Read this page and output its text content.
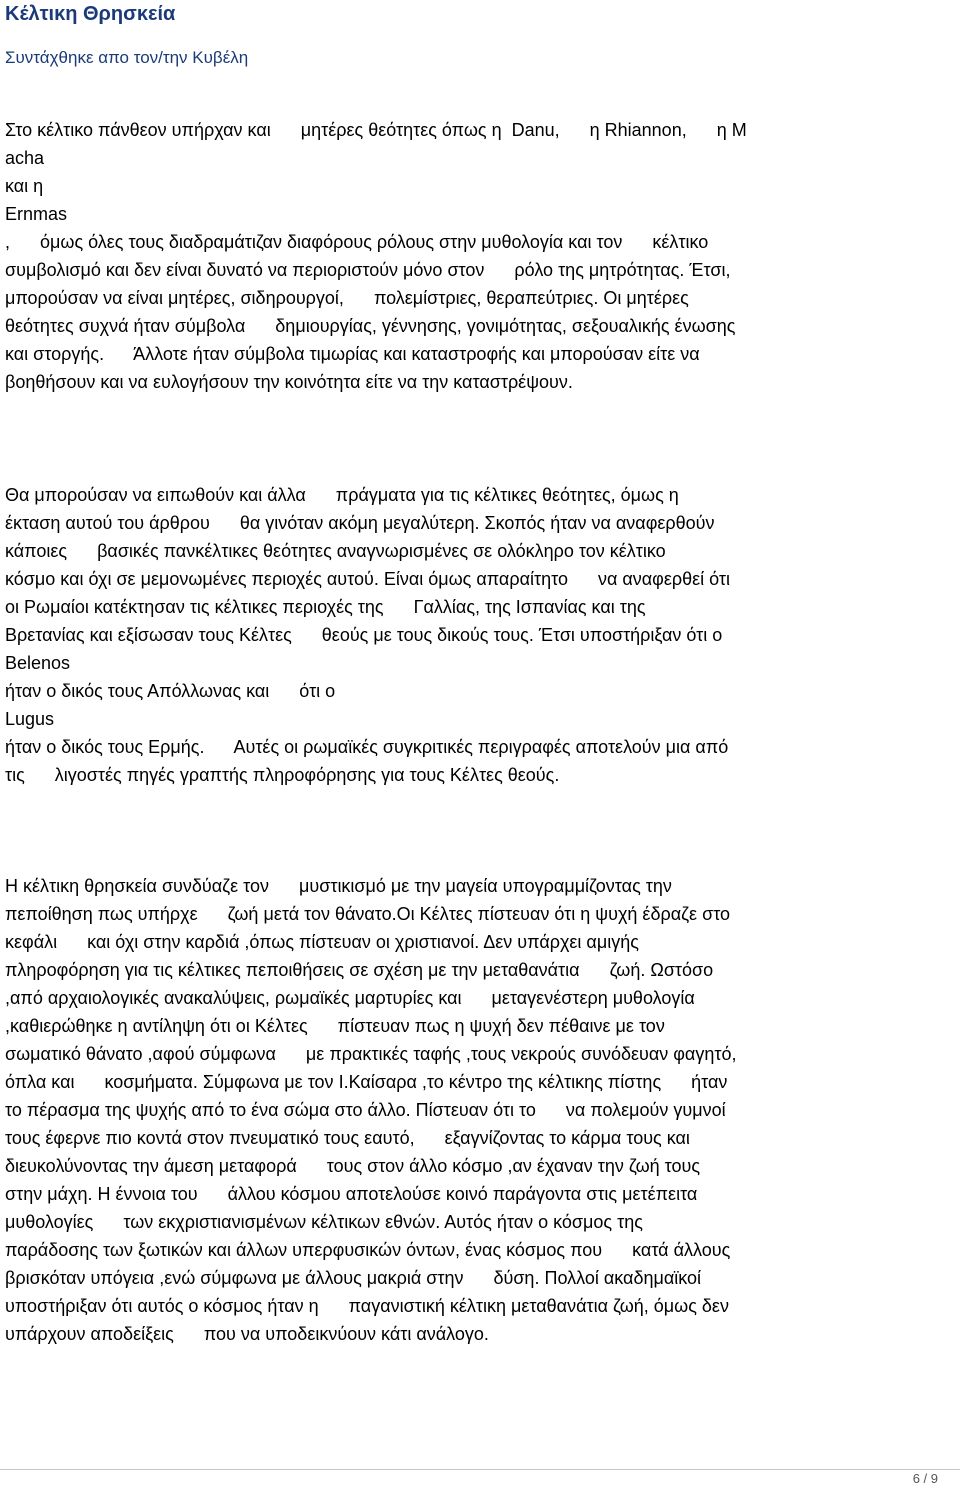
Κέλτικη Θρησκεία
Συντάχθηκε απο τον/την Κυβέλη
Στο κέλτικο πάνθεον υπήρχαν και      μητέρες θεότητες όπως η  Danu,      η Rhiannon,      η M
acha
και η
Ernmas
,      όμως όλες τους διαδραμάτιζαν διαφόρους ρόλους στην μυθολογία και τον      κέλτικο
συμβολισμό και δεν είναι δυνατό να περιοριστούν μόνο στον      ρόλο της μητρότητας. Έτσι,
μπορούσαν να είναι μητέρες, σιδηρουργοί,      πολεμίστριες, θεραπεύτριες. Οι μητέρες
θεότητες συχνά ήταν σύμβολα      δημιουργίας, γέννησης, γονιμότητας, σεξουαλικής ένωσης
και στοργής.      Άλλοτε ήταν σύμβολα τιμωρίας και καταστροφής και μπορούσαν είτε να
βοηθήσουν και να ευλογήσουν την κοινότητα είτε να την καταστρέψουν.
Θα μπορούσαν να ειπωθούν και άλλα      πράγματα για τις κέλτικες θεότητες, όμως η
έκταση αυτού του άρθρου      θα γινόταν ακόμη μεγαλύτερη. Σκοπός ήταν να αναφερθούν
κάποιες      βασικές πανκέλτικες θεότητες αναγνωρισμένες σε ολόκληρο τον κέλτικο
κόσμο και όχι σε μεμονωμένες περιοχές αυτού. Είναι όμως απαραίτητο      να αναφερθεί ότι
οι Ρωμαίοι κατέκτησαν τις κέλτικες περιοχές της      Γαλλίας, της Ισπανίας και της
Βρετανίας και εξίσωσαν τους Κέλτες      θεούς με τους δικούς τους. Έτσι υποστήριξαν ότι ο
Belenos
ήταν ο δικός τους Απόλλωνας και      ότι ο
Lugus
ήταν ο δικός τους Ερμής.      Αυτές οι ρωμαϊκές συγκριτικές περιγραφές αποτελούν μια από
τις      λιγοστές πηγές γραπτής πληροφόρησης για τους Κέλτες θεούς.
Η κέλτικη θρησκεία συνδύαζε τον      μυστικισμό με την μαγεία υπογραμμίζοντας την
πεποίθηση πως υπήρχε      ζωή μετά τον θάνατο.Οι Κέλτες πίστευαν ότι η ψυχή έδραζε στο
κεφάλι      και όχι στην καρδιά ,όπως πίστευαν οι χριστιανοί. Δεν υπάρχει αμιγής
πληροφόρηση για τις κέλτικες πεποιθήσεις σε σχέση με την μεταθανάτια      ζωή. Ωστόσο
,από αρχαιολογικές ανακαλύψεις, ρωμαϊκές μαρτυρίες και      μεταγενέστερη μυθολογία
,καθιερώθηκε η αντίληψη ότι οι Κέλτες      πίστευαν πως η ψυχή δεν πέθαινε με τον
σωματικό θάνατο ,αφού σύμφωνα      με πρακτικές ταφής ,τους νεκρούς συνόδευαν φαγητό,
όπλα και      κοσμήματα. Σύμφωνα με τον Ι.Καίσαρα ,το κέντρο της κέλτικης πίστης      ήταν
το πέρασμα της ψυχής από το ένα σώμα στο άλλο. Πίστευαν ότι το      να πολεμούν γυμνοί
τους έφερνε πιο κοντά στον πνευματικό τους εαυτό,      εξαγνίζοντας το κάρμα τους και
διευκολύνοντας την άμεση μεταφορά      τους στον άλλο κόσμο ,αν έχαναν την ζωή τους
στην μάχη. Η έννοια του      άλλου κόσμου αποτελούσε κοινό παράγοντα στις μετέπειτα
μυθολογίες      των εκχριστιανισμένων κέλτικων εθνών. Αυτός ήταν ο κόσμος της
παράδοσης των ξωτικών και άλλων υπερφυσικών όντων, ένας κόσμος που      κατά άλλους
βρισκόταν υπόγεια ,ενώ σύμφωνα με άλλους μακριά στην      δύση. Πολλοί ακαδημαϊκοί
υποστήριξαν ότι αυτός ο κόσμος ήταν η      παγανιστική κέλτικη μεταθανάτια ζωή, όμως δεν
υπάρχουν αποδείξεις      που να υποδεικνύουν κάτι ανάλογο.
6 / 9
